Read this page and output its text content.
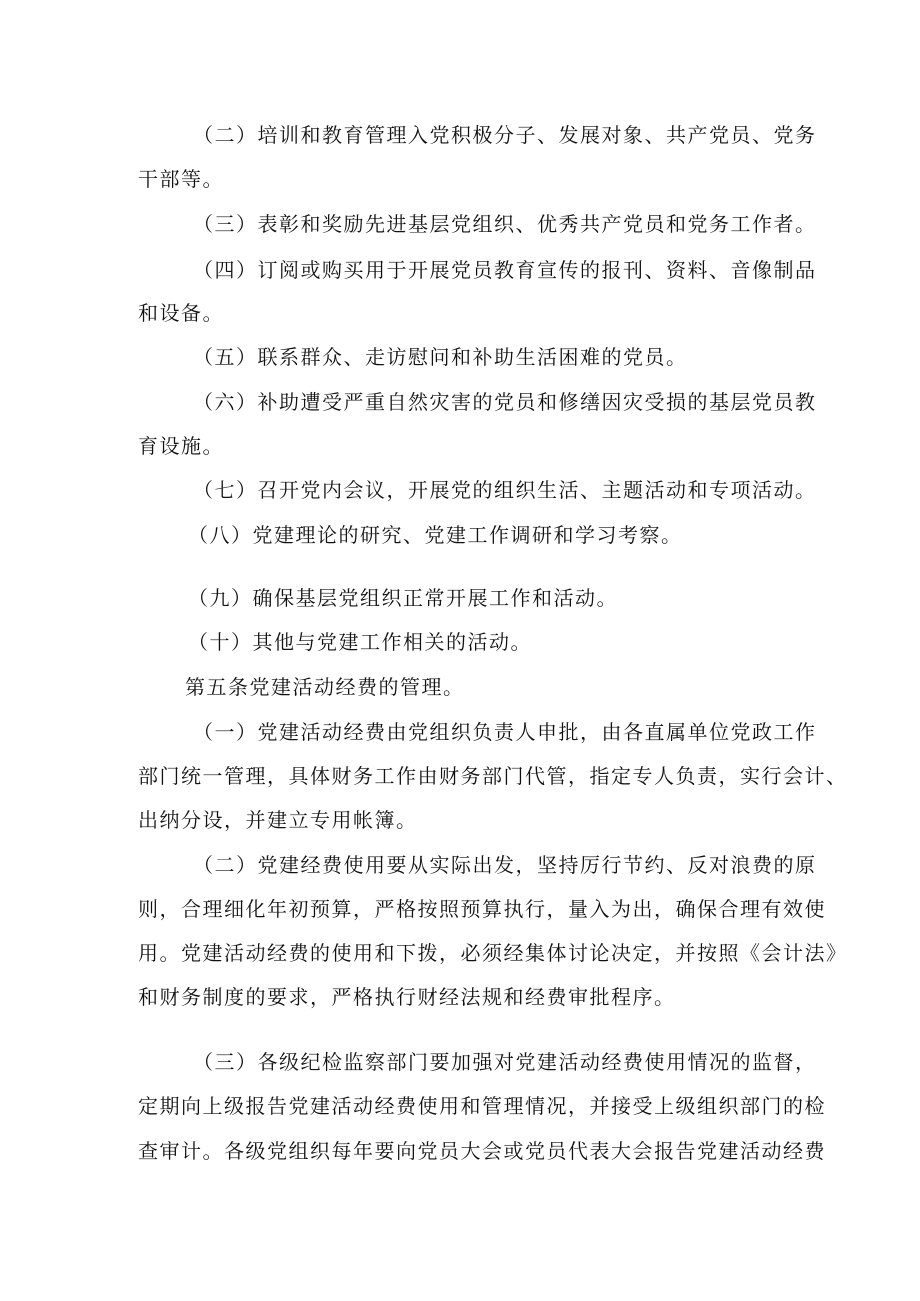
（二）培训和教育管理入党积极分子、发展对象、共产党员、党务
干部等。
（三）表彰和奖励先进基层党组织、优秀共产党员和党务工作者。
（四）订阅或购买用于开展党员教育宣传的报刊、资料、音像制品
和设备。
（五）联系群众、走访慰问和补助生活困难的党员。
（六）补助遭受严重自然灾害的党员和修缮因灾受损的基层党员教
育设施。
（七）召开党内会议，开展党的组织生活、主题活动和专项活动。
（八）党建理论的研究、党建工作调研和学习考察。
（九）确保基层党组织正常开展工作和活动。
（十）其他与党建工作相关的活动。
第五条党建活动经费的管理。
（一）党建活动经费由党组织负责人申批，由各直属单位党政工作
部门统一管理，具体财务工作由财务部门代管，指定专人负责，实行会计、
出纳分设，并建立专用帐簿。
（二）党建经费使用要从实际出发，坚持厉行节约、反对浪费的原
则，合理细化年初预算，严格按照预算执行，量入为出，确保合理有效使
用。党建活动经费的使用和下拨，必须经集体讨论决定，并按照《会计法》
和财务制度的要求，严格执行财经法规和经费审批程序。
（三）各级纪检监察部门要加强对党建活动经费使用情况的监督，
定期向上级报告党建活动经费使用和管理情况，并接受上级组织部门的检
查审计。各级党组织每年要向党员大会或党员代表大会报告党建活动经费
